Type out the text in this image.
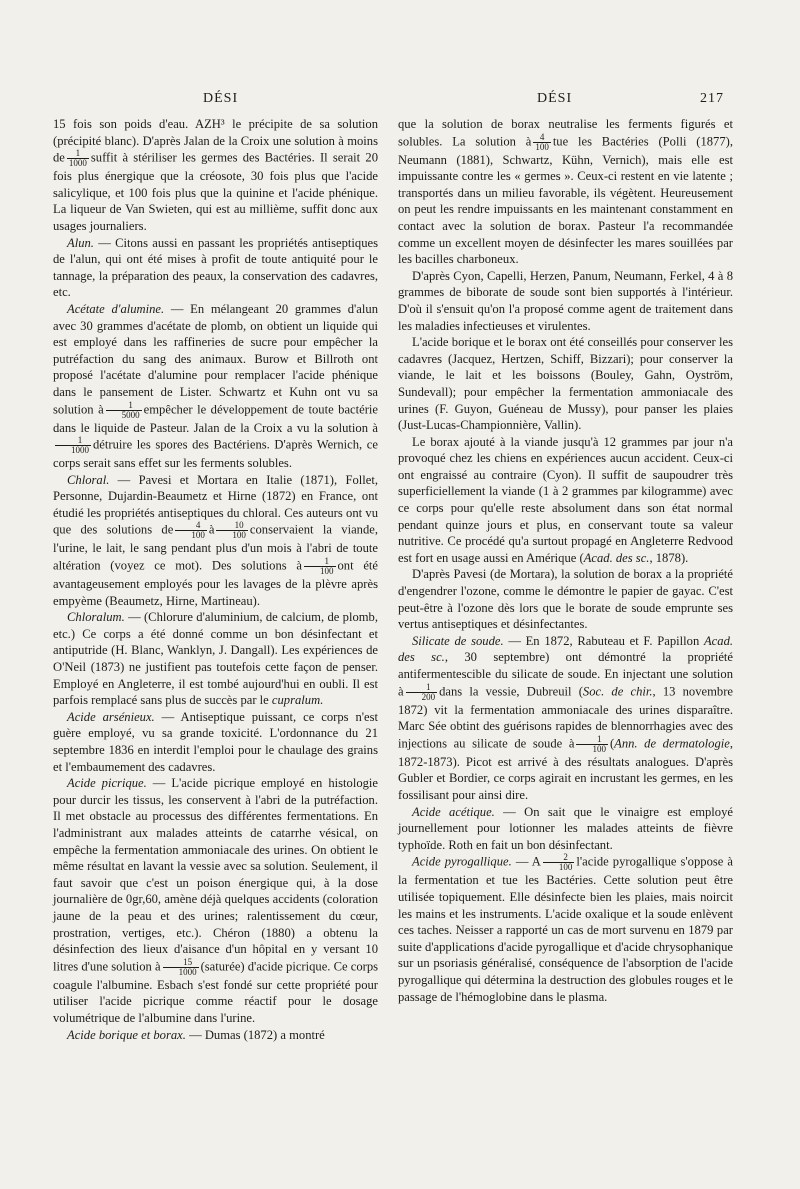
DÉSI	DÉSI	217

15 fois son poids d'eau. AZH³ le précipite de sa solution (précipité blanc). D'après Jalan de la Croix une solution à moins de $\frac{1}{1000}$ suffit à stériliser les germes des Bactéries. Il serait 20 fois plus énergique que la créosote, 30 fois plus que l'acide salicylique, et 100 fois plus que la quinine et l'acide phénique. La liqueur de Van Swieten, qui est au millième, suffit donc aux usages journaliers.

Alun. — Citons aussi en passant les propriétés antiseptiques de l'alun, qui ont été mises à profit de toute antiquité pour le tannage, la préparation des peaux, la conservation des cadavres, etc.

Acétate d'alumine. — En mélangeant 20 grammes d'alun avec 30 grammes d'acétate de plomb, on obtient un liquide qui est employé dans les raffineries de sucre pour empêcher la putréfaction du sang des animaux. Burow et Billroth ont proposé l'acétate d'alumine pour remplacer l'acide phénique dans le pansement de Lister. Schwartz et Kuhn ont vu sa solution à $\frac{1}{5000}$ empêcher le développement de toute bactérie dans le liquide de Pasteur. Jalan de la Croix a vu la solution à
$\frac{1}{1000}$ détruire les spores des Bactériens. D'après Wernich, ce corps serait sans effet sur les ferments solubles.

Chloral. — Pavesi et Mortara en Italie (1871), Follet, Personne, Dujardin-Beaumetz et Hirne (1872) en France, ont étudié les propriétés antiseptiques du chloral. Ces auteurs ont vu que des solutions de $\frac{4}{100}$ à $\frac{10}{100}$ conservaient la viande, l'urine, le lait, le sang pendant plus d'un mois à l'abri de toute altération (voyez ce mot). Des solutions à $\frac{1}{100}$ ont été avantageusement employés pour les lavages de la plèvre après empyème (Beaumetz, Hirne, Martineau).

Chloralum. — (Chlorure d'aluminium, de calcium, de plomb, etc.) Ce corps a été donné comme un bon désinfectant et antiputride (H. Blanc, Wanklyn, J. Dangall). Les expériences de O'Neil (1873) ne justifient pas toutefois cette façon de penser. Employé en Angleterre, il est tombé aujourd'hui en oubli. Il est parfois remplacé sans plus de succès par le cupralum.

Acide arsénieux. — Antiseptique puissant, ce corps n'est guère employé, vu sa grande toxicité. L'ordonnance du 21 septembre 1836 en interdit l'emploi pour le chaulage des grains et l'embaumement des cadavres.

Acide picrique. — L'acide picrique employé en histologie pour durcir les tissus, les conservent à l'abri de la putréfaction. Il met obstacle au processus des différentes fermentations. En l'administrant aux malades atteints de catarrhe vésical, on empêche la fermentation ammoniacale des urines. On obtient le même résultat en lavant la vessie avec sa solution. Seulement, il faut savoir que c'est un poison énergique qui, à la dose journalière de 0gr,60, amène déjà quelques accidents (coloration jaune de la peau et des urines; ralentissement du cœur, prostration, vertiges, etc.). Chéron (1880) a obtenu la désinfection des lieux d'aisance d'un hôpital en y versant 10 litres d'une solution à $\frac{15}{1000}$ (saturée) d'acide picrique. Ce corps coagule l'albumine. Esbach s'est fondé sur cette propriété pour utiliser l'acide picrique comme réactif pour le dosage volumétrique de l'albumine dans l'urine.

Acide borique et borax. — Dumas (1872) a montré

que la solution de borax neutralise les ferments figurés et solubles. La solution à $\frac{4}{100}$ tue les Bactéries (Polli (1877), Neumann (1881), Schwartz, Kühn, Vernich), mais elle est impuissante contre les « germes ». Ceux-ci restent en vie latente ; transportés dans un milieu favorable, ils végètent. Heureusement on peut les rendre impuissants en les maintenant constamment en contact avec la solution de borax. Pasteur l'a recommandée comme un excellent moyen de désinfecter les mares souillées par les bacilles charboneux.

D'après Cyon, Capelli, Herzen, Panum, Neumann, Ferkel, 4 à 8 grammes de biborate de soude sont bien supportés à l'intérieur. D'où il s'ensuit qu'on l'a proposé comme agent de traitement dans les maladies infectieuses et virulentes.

L'acide borique et le borax ont été conseillés pour conserver les cadavres (Jacquez, Hertzen, Schiff, Bizzari); pour conserver la viande, le lait et les boissons (Bouley, Gahn, Oyström, Sundevall); pour empêcher la fermentation ammoniacale des urines (F. Guyon, Guéneau de Mussy), pour panser les plaies (Just-Lucas-Championnière, Vallin).

Le borax ajouté à la viande jusqu'à 12 grammes par jour n'a provoqué chez les chiens en expériences aucun accident. Ceux-ci ont engraissé au contraire (Cyon). Il suffit de saupoudrer très superficiellement la viande (1 à 2 grammes par kilogramme) avec ce corps pour qu'elle reste absolument dans son état normal pendant quinze jours et plus, en conservant toute sa valeur nutritive. Ce procédé qu'a surtout propagé en Angleterre Redvood est fort en usage aussi en Amérique (Acad. des sc., 1878).

D'après Pavesi (de Mortara), la solution de borax a la propriété d'engendrer l'ozone, comme le démontre le papier de gayac. C'est peut-être à l'ozone dès lors que le borate de soude emprunte ses vertus antiseptiques et désinfectantes.

Silicate de soude. — En 1872, Rabuteau et F. Papillon Acad. des sc., 30 septembre) ont démontré la propriété antifermentescible du silicate de soude. En injectant une solution à $\frac{1}{200}$ dans la vessie, Dubreuil (Soc. de chir., 13 novembre 1872) vit la fermentation ammoniacale des urines disparaître. Marc Sée obtint des guérisons rapides de blennorrhagies avec des injections au silicate de soude à $\frac{1}{100} (Ann$. de dermatologie, 1872-1873). Picot est arrivé à des résultats analogues. D'après Gubler et Bordier, ce corps agirait en incrustant les germes, en les fossilisant pour ainsi dire.

Acide acétique. — On sait que le vinaigre est employé journellement pour lotionner les malades atteints de fièvre typhoïde. Roth en fait un bon désinfectant.

Acide pyrogallique. — A $\frac{2}{100}$ l'acide pyrogallique s'oppose à la fermentation et tue les Bactéries. Cette solution peut être utilisée topiquement. Elle désinfecte bien les plaies, mais noircit les mains et les instruments. L'acide oxalique et la soude enlèvent ces taches. Neisser a rapporté un cas de mort survenu en 1879 par suite d'applications d'acide pyrogallique et d'acide chrysophanique sur un psoriasis généralisé, conséquence de l'absorption de l'acide pyrogallique qui détermina la destruction des globules rouges et le passage de l'hémoglobine dans le plasma.
